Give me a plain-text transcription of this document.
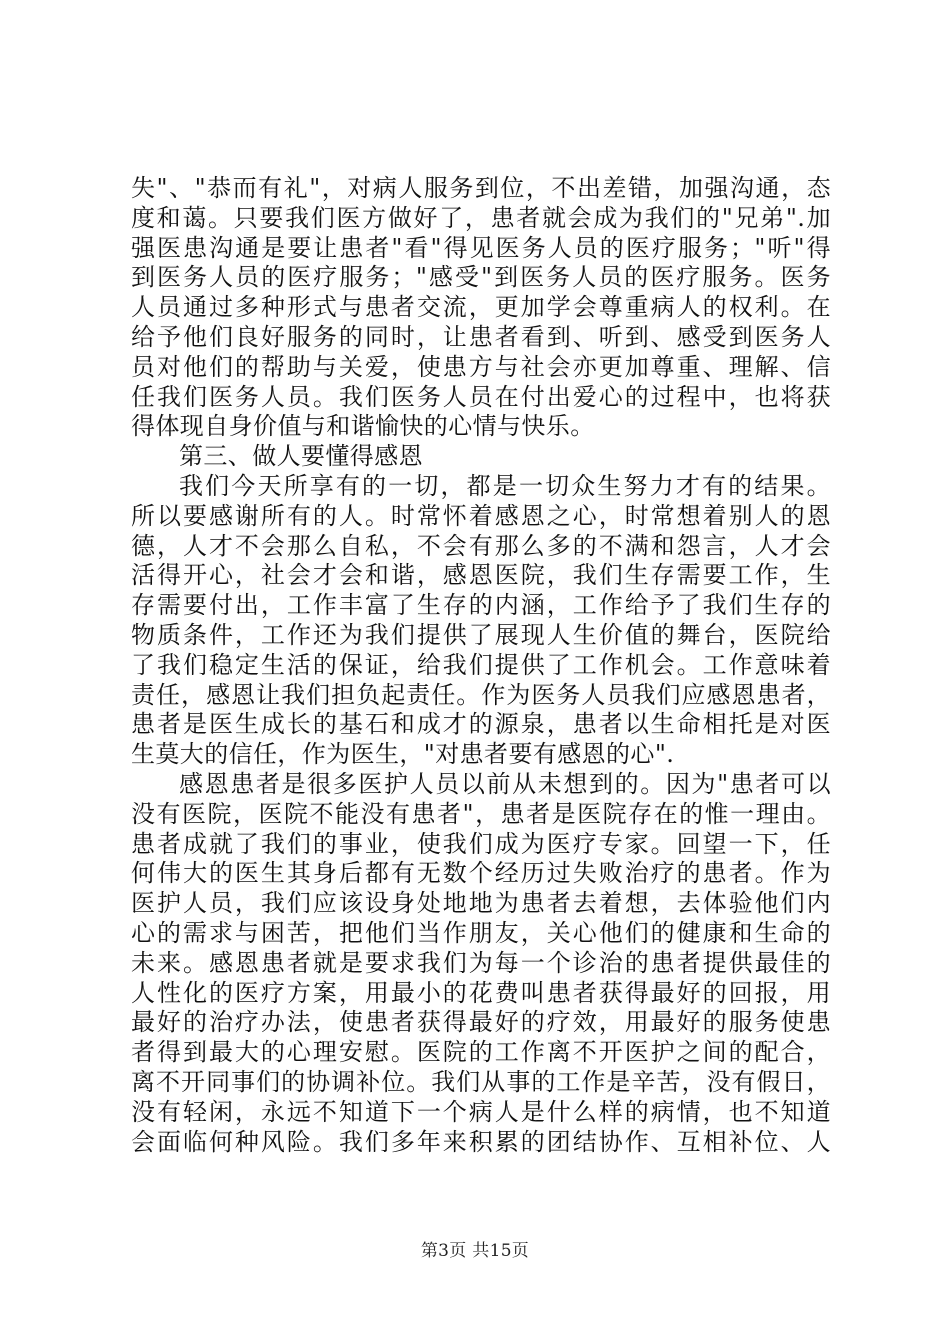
失"、"恭而有礼"，对病人服务到位，不出差错，加强沟通，态
度和蔼。只要我们医方做好了，患者就会成为我们的"兄弟".加
强医患沟通是要让患者"看"得见医务人员的医疗服务；"听"得
到医务人员的医疗服务；"感受"到医务人员的医疗服务。医务
人员通过多种形式与患者交流，更加学会尊重病人的权利。在
给予他们良好服务的同时，让患者看到、听到、感受到医务人
员对他们的帮助与关爱，使患方与社会亦更加尊重、理解、信
任我们医务人员。我们医务人员在付出爱心的过程中，也将获
得体现自身价值与和谐愉快的心情与快乐。
第三、做人要懂得感恩
我们今天所享有的一切，都是一切众生努力才有的结果。
所以要感谢所有的人。时常怀着感恩之心，时常想着别人的恩
德，人才不会那么自私，不会有那么多的不满和怨言，人才会
活得开心，社会才会和谐，感恩医院，我们生存需要工作，生
存需要付出，工作丰富了生存的内涵，工作给予了我们生存的
物质条件，工作还为我们提供了展现人生价值的舞台，医院给
了我们稳定生活的保证，给我们提供了工作机会。工作意味着
责任，感恩让我们担负起责任。作为医务人员我们应感恩患者，
患者是医生成长的基石和成才的源泉，患者以生命相托是对医
生莫大的信任，作为医生，"对患者要有感恩的心".
感恩患者是很多医护人员以前从未想到的。因为"患者可以
没有医院，医院不能没有患者"，患者是医院存在的惟一理由。
患者成就了我们的事业，使我们成为医疗专家。回望一下，任
何伟大的医生其身后都有无数个经历过失败治疗的患者。作为
医护人员，我们应该设身处地地为患者去着想，去体验他们内
心的需求与困苦，把他们当作朋友，关心他们的健康和生命的
未来。感恩患者就是要求我们为每一个诊治的患者提供最佳的
人性化的医疗方案，用最小的花费叫患者获得最好的回报，用
最好的治疗办法，使患者获得最好的疗效，用最好的服务使患
者得到最大的心理安慰。医院的工作离不开医护之间的配合，
离不开同事们的协调补位。我们从事的工作是辛苦，没有假日，
没有轻闲，永远不知道下一个病人是什么样的病情，也不知道
会面临何种风险。我们多年来积累的团结协作、互相补位、人
第3页 共15页
